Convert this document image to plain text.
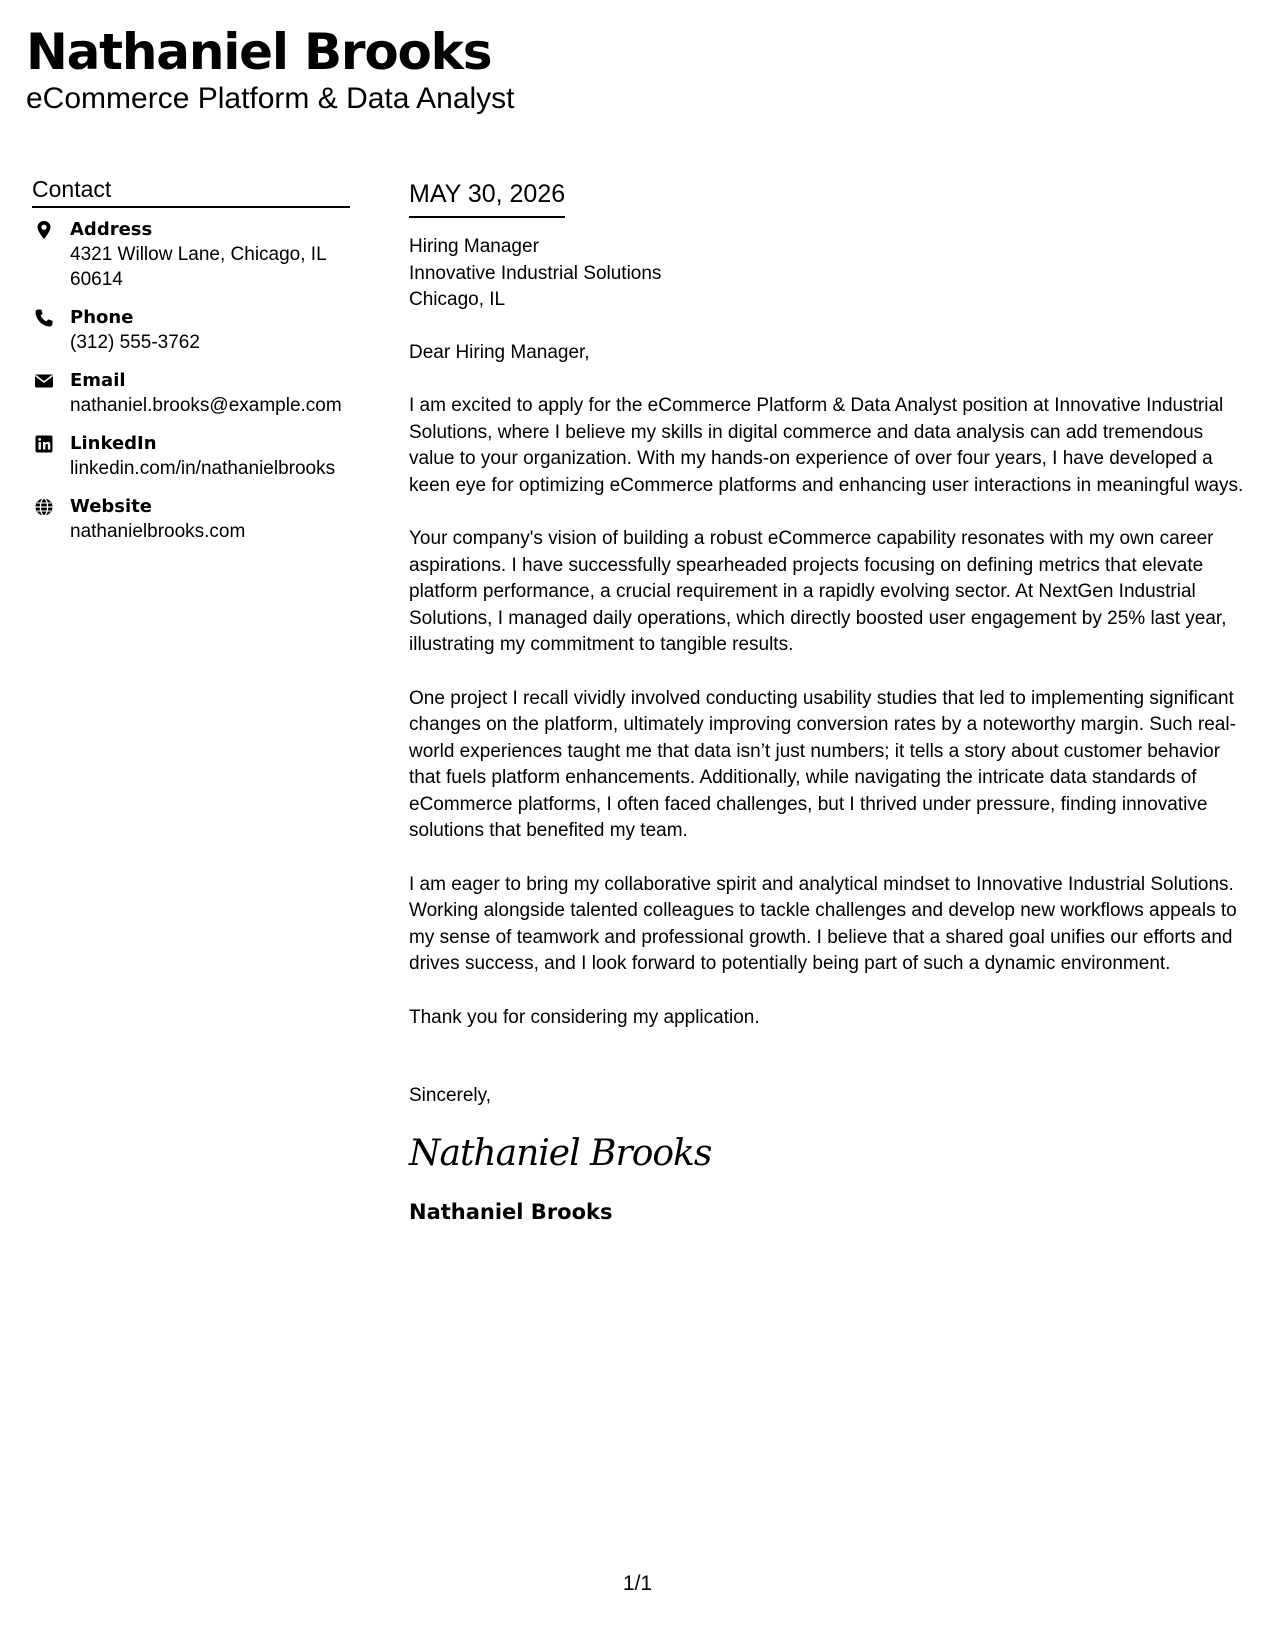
Nathaniel Brooks
eCommerce Platform & Data Analyst
Contact
Address
4321 Willow Lane, Chicago, IL 60614
Phone
(312) 555-3762
Email
nathaniel.brooks@example.com
LinkedIn
linkedin.com/in/nathanielbrooks
Website
nathanielbrooks.com
MAY 30, 2026
Hiring Manager
Innovative Industrial Solutions
Chicago, IL
Dear Hiring Manager,
I am excited to apply for the eCommerce Platform & Data Analyst position at Innovative Industrial Solutions, where I believe my skills in digital commerce and data analysis can add tremendous value to your organization. With my hands-on experience of over four years, I have developed a keen eye for optimizing eCommerce platforms and enhancing user interactions in meaningful ways.
Your company's vision of building a robust eCommerce capability resonates with my own career aspirations. I have successfully spearheaded projects focusing on defining metrics that elevate platform performance, a crucial requirement in a rapidly evolving sector. At NextGen Industrial Solutions, I managed daily operations, which directly boosted user engagement by 25% last year, illustrating my commitment to tangible results.
One project I recall vividly involved conducting usability studies that led to implementing significant changes on the platform, ultimately improving conversion rates by a noteworthy margin. Such real-world experiences taught me that data isn’t just numbers; it tells a story about customer behavior that fuels platform enhancements. Additionally, while navigating the intricate data standards of eCommerce platforms, I often faced challenges, but I thrived under pressure, finding innovative solutions that benefited my team.
I am eager to bring my collaborative spirit and analytical mindset to Innovative Industrial Solutions. Working alongside talented colleagues to tackle challenges and develop new workflows appeals to my sense of teamwork and professional growth. I believe that a shared goal unifies our efforts and drives success, and I look forward to potentially being part of such a dynamic environment.
Thank you for considering my application.
Sincerely,
Nathaniel Brooks
Nathaniel Brooks
1/1
